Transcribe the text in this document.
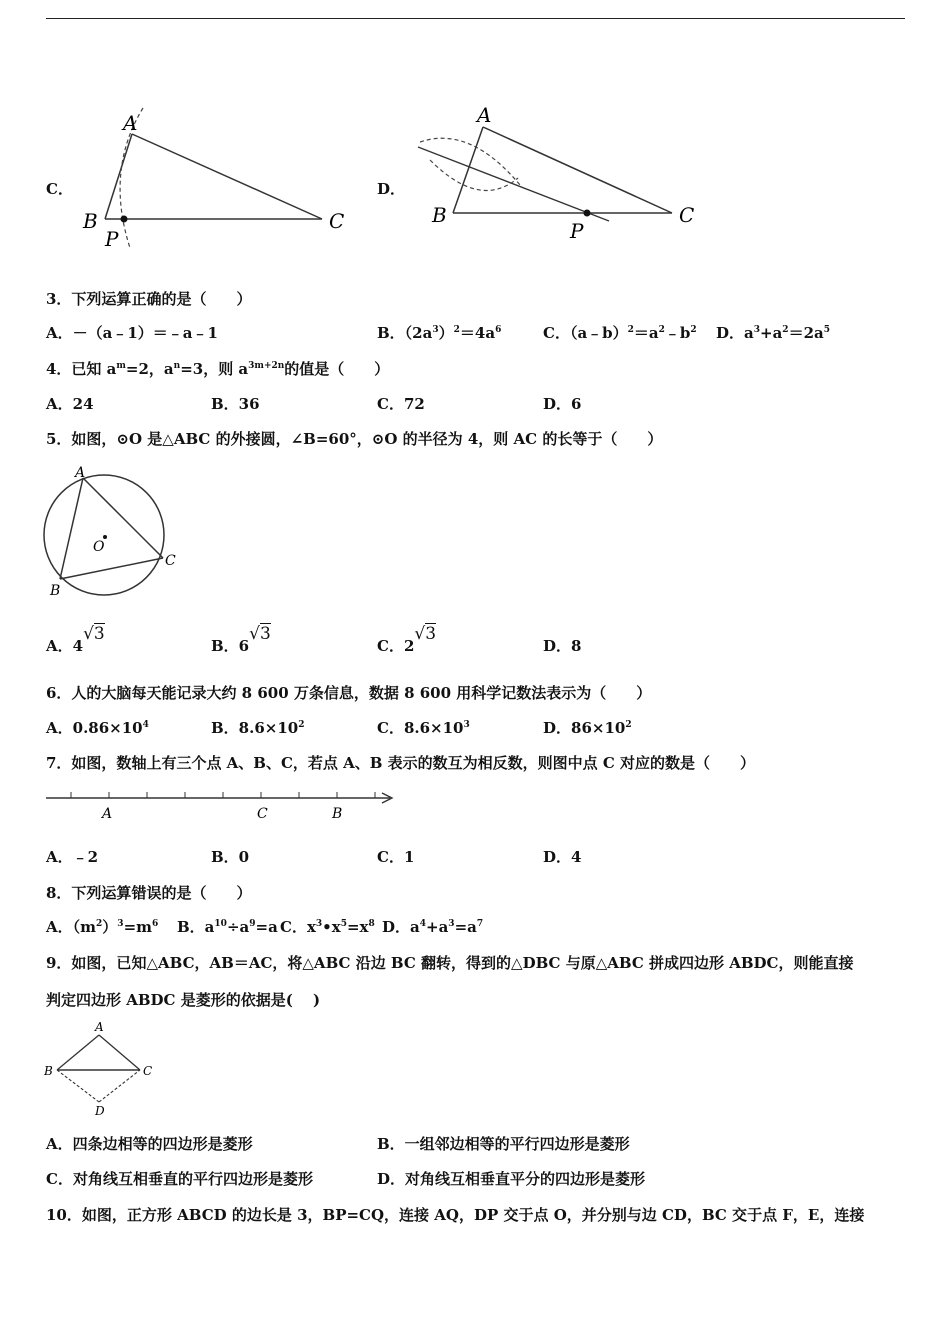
C．
A
B
P
C
D．
A
B
P
C
3．下列运算正确的是（　　）
A．－（a﹣1）＝﹣a﹣1	B．$(2a^3)^2=4a^6$	C．$(a﹣b)^2=a^2﹣b^2$ D．$a^3+a^2=2a^5$
4．已知 $a^m=2$，$a^n=3$，则 $a^{3m+2n}$的值是（　　）
A．24	B．36	C．72	D．6
5．如图，⊙O 是△ABC 的外接圆，∠B=60°，⊙O 的半径为 4，则 AC 的长等于（　　）
A
O
C
B
A．4√3
B．6√3
C．2√3
D．8
6．人的大脑每天能记录大约 8 600 万条信息，数据 8 600 用科学记数法表示为（　　）
A．$0.86\times 10^4$	B．$8.6\times 10^2$	C．$8.6\times 10^3$	D．$86\times 10^2$
7．如图，数轴上有三个点 A、B、C，若点 A、B 表示的数互为相反数，则图中点 C 对应的数是（　　）
A	C	B
A．﹣2	B．0	C．1	D．4
8．下列运算错误的是（　　）
A．$(m^2)^3=m^6$ B．$a^{10}\div a^9=a$ C．$x^3•x^5=x^8$ D．$a^4+a^3=a^7$
9．如图，已知△ABC，AB＝AC，将△ABC 沿边 BC 翻转，得到的△DBC 与原△ABC 拼成四边形 ABDC，则能直接
判定四边形 ABDC 是菱形的依据是(　 )
A
B	C
D
A．四条边相等的四边形是菱形	B．一组邻边相等的平行四边形是菱形
C．对角线互相垂直的平行四边形是菱形	D．对角线互相垂直平分的四边形是菱形
10．如图，正方形 ABCD 的边长是 3，BP=CQ，连接 AQ，DP 交于点 O，并分别与边 CD，BC 交于点 F，E，连接
